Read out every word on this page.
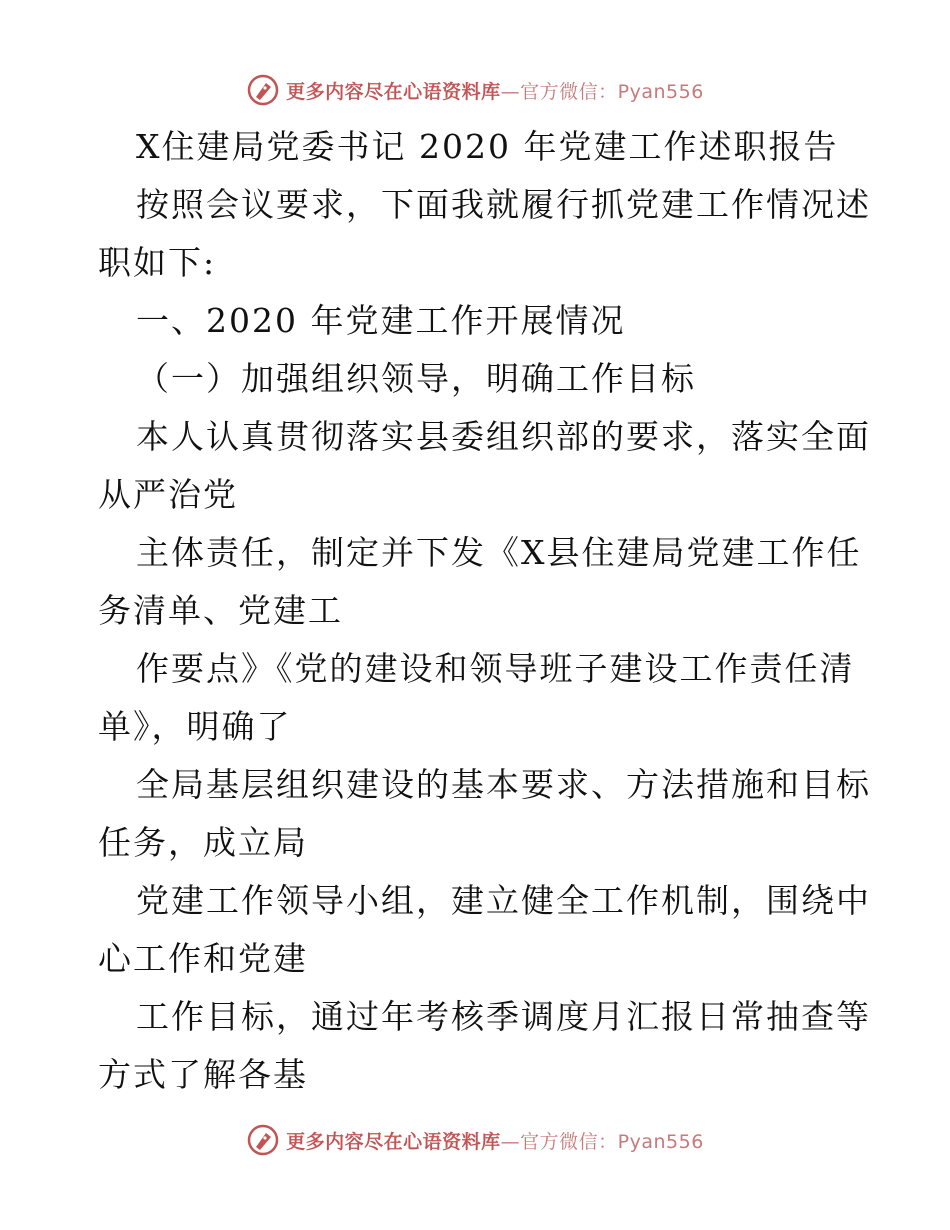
更多内容尽在心语资料库—官方微信：Pyan556
X住建局党委书记 2020 年党建工作述职报告
按照会议要求，下面我就履行抓党建工作情况述
职如下:
一、2020 年党建工作开展情况
（一）加强组织领导，明确工作目标
本人认真贯彻落实县委组织部的要求，落实全面
从严治党
主体责任，制定并下发《X县住建局党建工作任
务清单、党建工
作要点》《党的建设和领导班子建设工作责任清
单》，明确了
全局基层组织建设的基本要求、方法措施和目标
任务，成立局
党建工作领导小组，建立健全工作机制，围绕中
心工作和党建
工作目标，通过年考核季调度月汇报日常抽查等
方式了解各基
更多内容尽在心语资料库—官方微信：Pyan556
